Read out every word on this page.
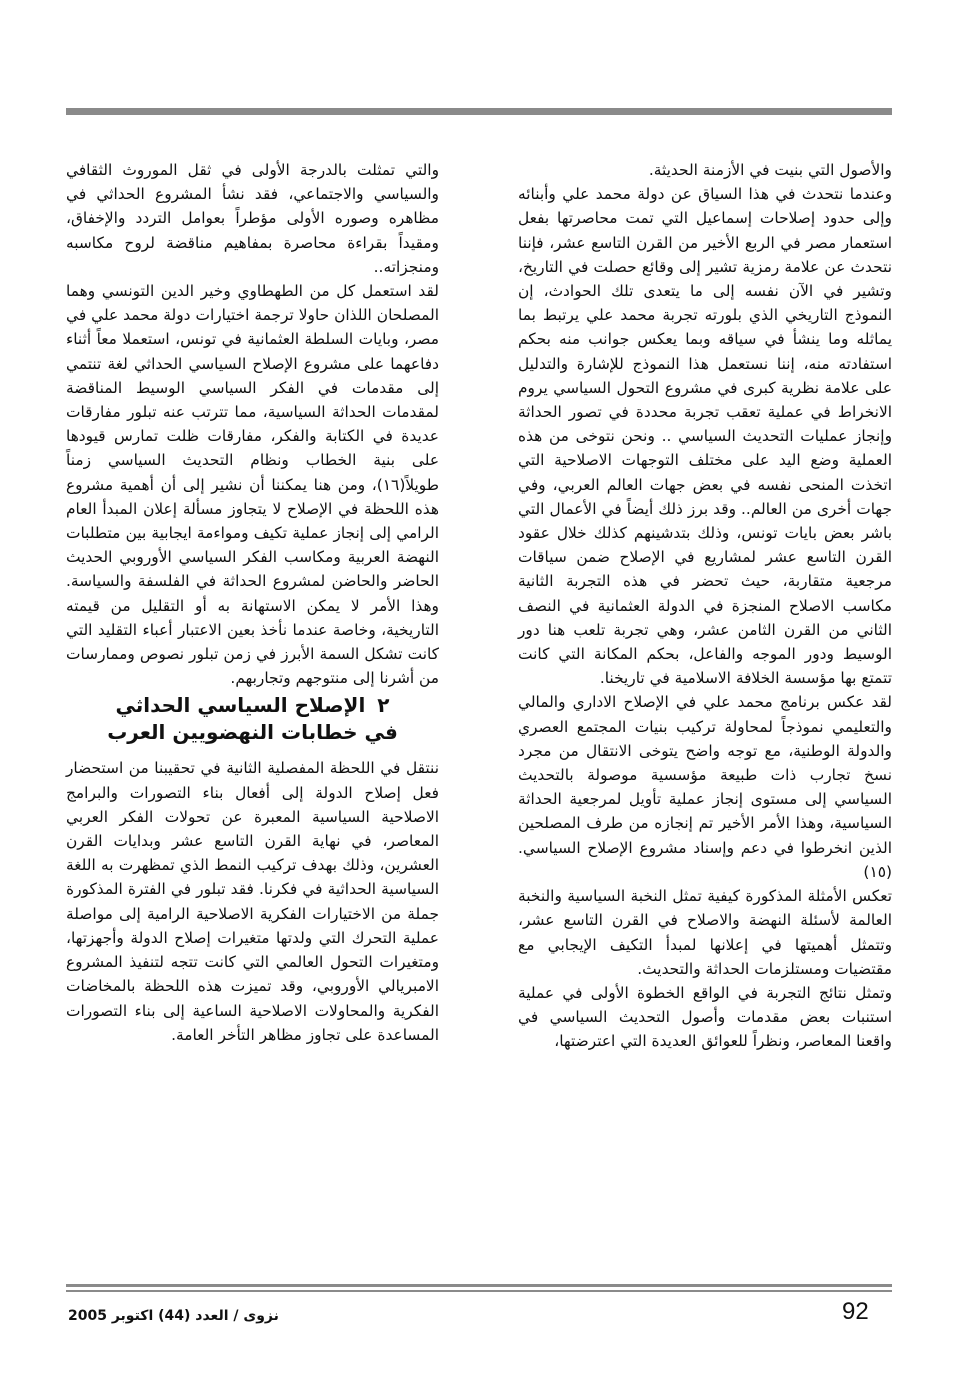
والأصول التي بنيت في الأزمنة الحديثة.

وعندما نتحدث في هذا السياق عن دولة محمد علي وأبنائه وإلى حدود إصلاحات إسماعيل التي تمت محاصرتها بفعل استعمار مصر في الربع الأخير من القرن التاسع عشر، فإننا نتحدث عن علامة رمزية تشير إلى وقائع حصلت في التاريخ، وتشير في الآن نفسه إلى ما يتعدى تلك الحوادث، إن النموذج التاريخي الذي بلورته تجربة محمد علي يرتبط بما يماثله وما ينشأ في سياقه وبما يعكس جوانب منه بحكم استفادته منه، إننا نستعمل هذا النموذج للإشارة والتدليل على علامة نظرية كبرى في مشروع التحول السياسي يروم الانخراط في عملية تعقب تجربة محددة في تصور الحداثة وإنجاز عمليات التحديث السياسي .. ونحن نتوخى من هذه العملية وضع اليد على مختلف التوجهات الاصلاحية التي اتخذت المنحى نفسه في بعض جهات العالم العربي، وفي جهات أخرى من العالم.. وقد برز ذلك أيضاً في الأعمال التي باشر بعض بايات تونس، وذلك بتدشينهم كذلك خلال عقود القرن التاسع عشر لمشاريع في الإصلاح ضمن سياقات مرجعية متقاربة، حيث تحضر في هذه التجربة الثانية مكاسب الاصلاح المنجزة في الدولة العثمانية في النصف الثاني من القرن الثامن عشر، وهي تجربة تلعب هنا دور الوسيط ودور الموجه والفاعل، بحكم المكانة التي كانت تتمتع بها مؤسسة الخلافة الاسلامية في تاريخنا.

لقد عكس برنامج محمد علي في الإصلاح الاداري والمالي والتعليمي نموذجاً لمحاولة تركيب بنيات المجتمع العصري والدولة الوطنية، مع توجه واضح يتوخى الانتقال من مجرد نسخ تجارب ذات طبيعة مؤسسية موصولة بالتحديث السياسي إلى مستوى إنجاز عملية تأويل لمرجعية الحداثة السياسية، وهذا الأمر الأخير تم إنجازه من طرف المصلحين الذين انخرطوا في دعم وإسناد مشروع الإصلاح السياسي.(١٥)

تعكس الأمثلة المذكورة كيفية تمثل النخبة السياسية والنخبة العالمة لأسئلة النهضة والاصلاح في القرن التاسع عشر، وتتمثل أهميتها في إعلانها لمبدأ التكيف الإيجابي مع مقتضيات ومستلزمات الحداثة والتحديث.

وتمثل نتائج التجربة في الواقع الخطوة الأولى في عملية استنبات بعض مقدمات وأصول التحديث السياسي في واقعنا المعاصر، ونظراً للعوائق العديدة التي اعترضتها،

والتي تمثلت بالدرجة الأولى في ثقل الموروث الثقافي والسياسي والاجتماعي، فقد نشأ المشروع الحداثي في مظاهره وصوره الأولى مؤطراً بعوامل التردد والإخفاق، ومقيداً بقراءة محاصرة بمفاهيم مناقضة لروح مكاسبه ومنجزاته..

لقد استعمل كل من الطهطاوي وخير الدين التونسي وهما المصلحان اللذان حاولا ترجمة اختيارات دولة محمد علي في مصر، وبايات السلطة العثمانية في تونس، استعملا معاً أثناء دفاعهما على مشروع الإصلاح السياسي الحداثي لغة تنتمي إلى مقدمات في الفكر السياسي الوسيط المناقضة لمقدمات الحداثة السياسية، مما تترتب عنه تبلور مفارقات عديدة في الكتابة والفكر، مفارقات ظلت تمارس قيودها على بنية الخطاب ونظام التحديث السياسي زمناً طويلاً(١٦)، ومن هنا يمكننا أن نشير إلى أن أهمية مشروع هذه اللحظة في الإصلاح لا يتجاوز مسألة إعلان المبدأ العام الرامي إلى إنجاز عملية تكيف ومواءمة ايجابية بين متطلبات النهضة العربية ومكاسب الفكر السياسي الأوروبي الحديث الحاضر والحاضن لمشروع الحداثة في الفلسفة والسياسة. وهذا الأمر لا يمكن الاستهانة به أو التقليل من قيمته التاريخية، وخاصة عندما نأخذ بعين الاعتبار أعباء التقليد التي كانت تشكل السمة الأبرز في زمن تبلور نصوص وممارسات من أشرنا إلى منتوجهم وتجاربهم.

٢الإصلاح السياسي الحداثي
في خطابات النهضويين العرب

ننتقل في اللحظة المفصلية الثانية في تحقيبنا من استحضار فعل إصلاح الدولة إلى أفعال بناء التصورات والبرامج الاصلاحية السياسية المعبرة عن تحولات الفكر العربي المعاصر، في نهاية القرن التاسع عشر وبدايات القرن العشرين، وذلك بهدف تركيب النمط الذي تمظهرت به اللغة السياسية الحداثية في فكرنا. فقد تبلور في الفترة المذكورة جملة من الاختيارات الفكرية الاصلاحية الرامية إلى مواصلة عملية التحرك التي ولدتها متغيرات إصلاح الدولة وأجهزتها، ومتغيرات التحول العالمي التي كانت تتجه لتنفيذ المشروع الامبريالي الأوروبي، وقد تميزت هذه اللحظة بالمخاضات الفكرية والمحاولات الاصلاحية الساعية إلى بناء التصورات المساعدة على تجاوز مظاهر التأخر العامة.

92
نزوى / العدد (44) اكتوبر 2005
